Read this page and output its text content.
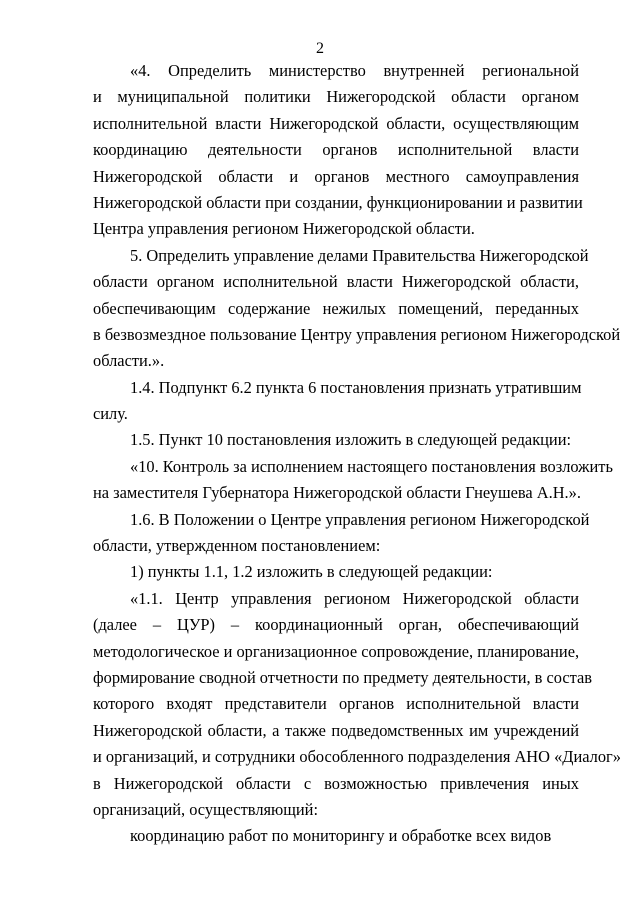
2
«4. Определить министерство внутренней региональной
и муниципальной политики Нижегородской области органом
исполнительной власти Нижегородской области, осуществляющим
координацию деятельности органов исполнительной власти
Нижегородской области и органов местного самоуправления
Нижегородской области при создании, функционировании и развитии
Центра управления регионом Нижегородской области.
5. Определить управление делами Правительства Нижегородской
области органом исполнительной власти Нижегородской области,
обеспечивающим содержание нежилых помещений, переданных
в безвозмездное пользование Центру управления регионом Нижегородской
области.».
1.4. Подпункт 6.2 пункта 6 постановления признать утратившим
силу.
1.5. Пункт 10 постановления изложить в следующей редакции:
«10. Контроль за исполнением настоящего постановления возложить
на заместителя Губернатора Нижегородской области Гнеушева А.Н.».
1.6. В Положении о Центре управления регионом Нижегородской
области, утвержденном постановлением:
1) пункты 1.1, 1.2 изложить в следующей редакции:
«1.1. Центр управления регионом Нижегородской области
(далее – ЦУР) – координационный орган, обеспечивающий
методологическое и организационное сопровождение, планирование,
формирование сводной отчетности по предмету деятельности, в состав
которого входят представители органов исполнительной власти
Нижегородской области, а также подведомственных им учреждений
и организаций, и сотрудники обособленного подразделения АНО «Диалог»
в Нижегородской области с возможностью привлечения иных
организаций, осуществляющий:
координацию работ по мониторингу и обработке всех видов
